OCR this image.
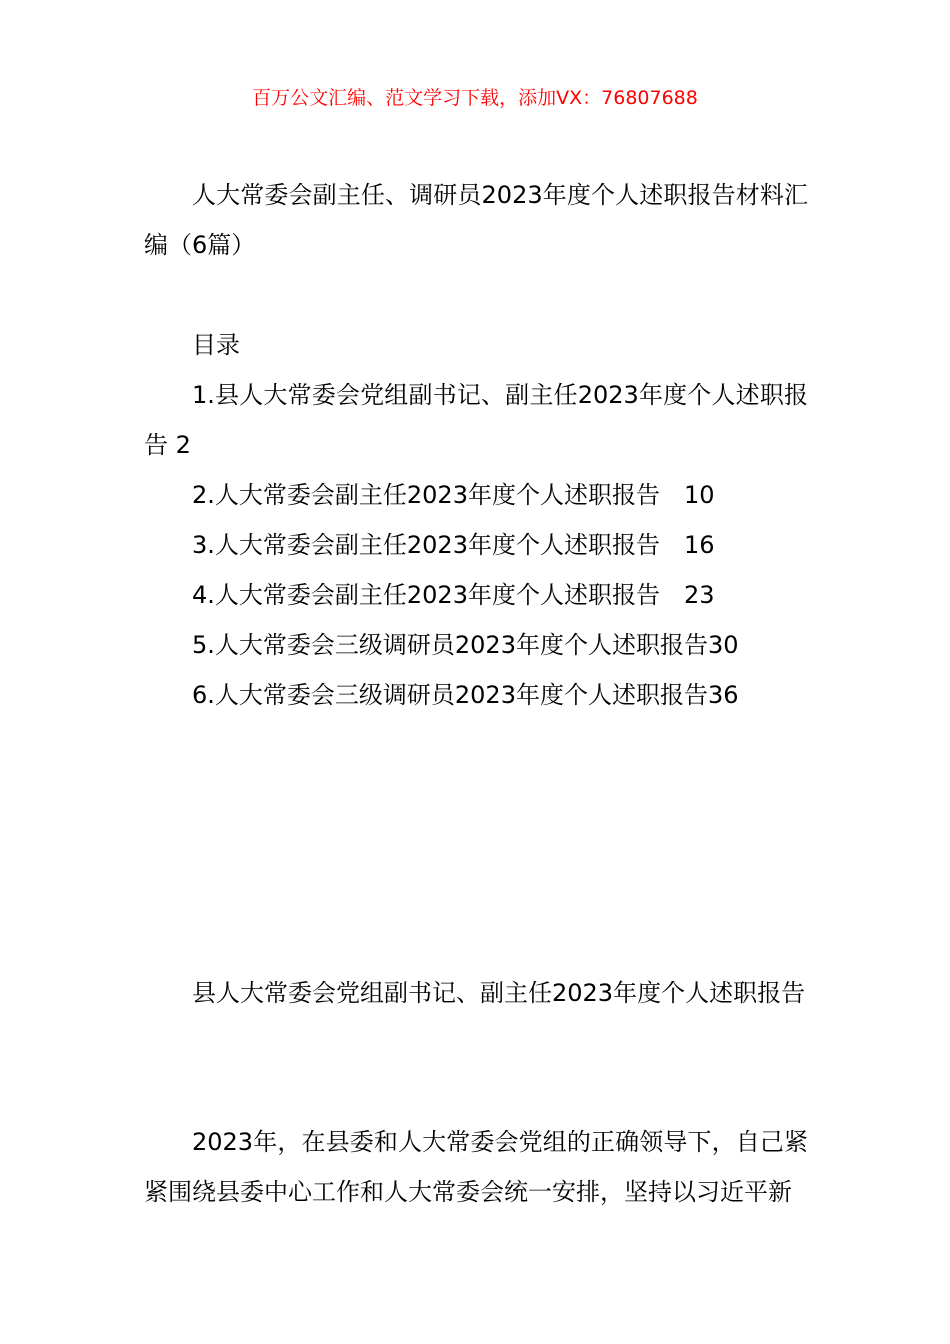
百万公文汇编、范文学习下载，添加VX：76807688

人大常委会副主任、调研员2023年度个人述职报告材料汇编（6篇）

目录

1.县人大常委会党组副书记、副主任2023年度个人述职报告 2

2.人大常委会副主任2023年度个人述职报告　10

3.人大常委会副主任2023年度个人述职报告　16

4.人大常委会副主任2023年度个人述职报告　23

5.人大常委会三级调研员2023年度个人述职报告30

6.人大常委会三级调研员2023年度个人述职报告36

县人大常委会党组副书记、副主任2023年度个人述职报告

2023年，在县委和人大常委会党组的正确领导下，自己紧紧围绕县委中心工作和人大常委会统一安排，坚持以习近平新
